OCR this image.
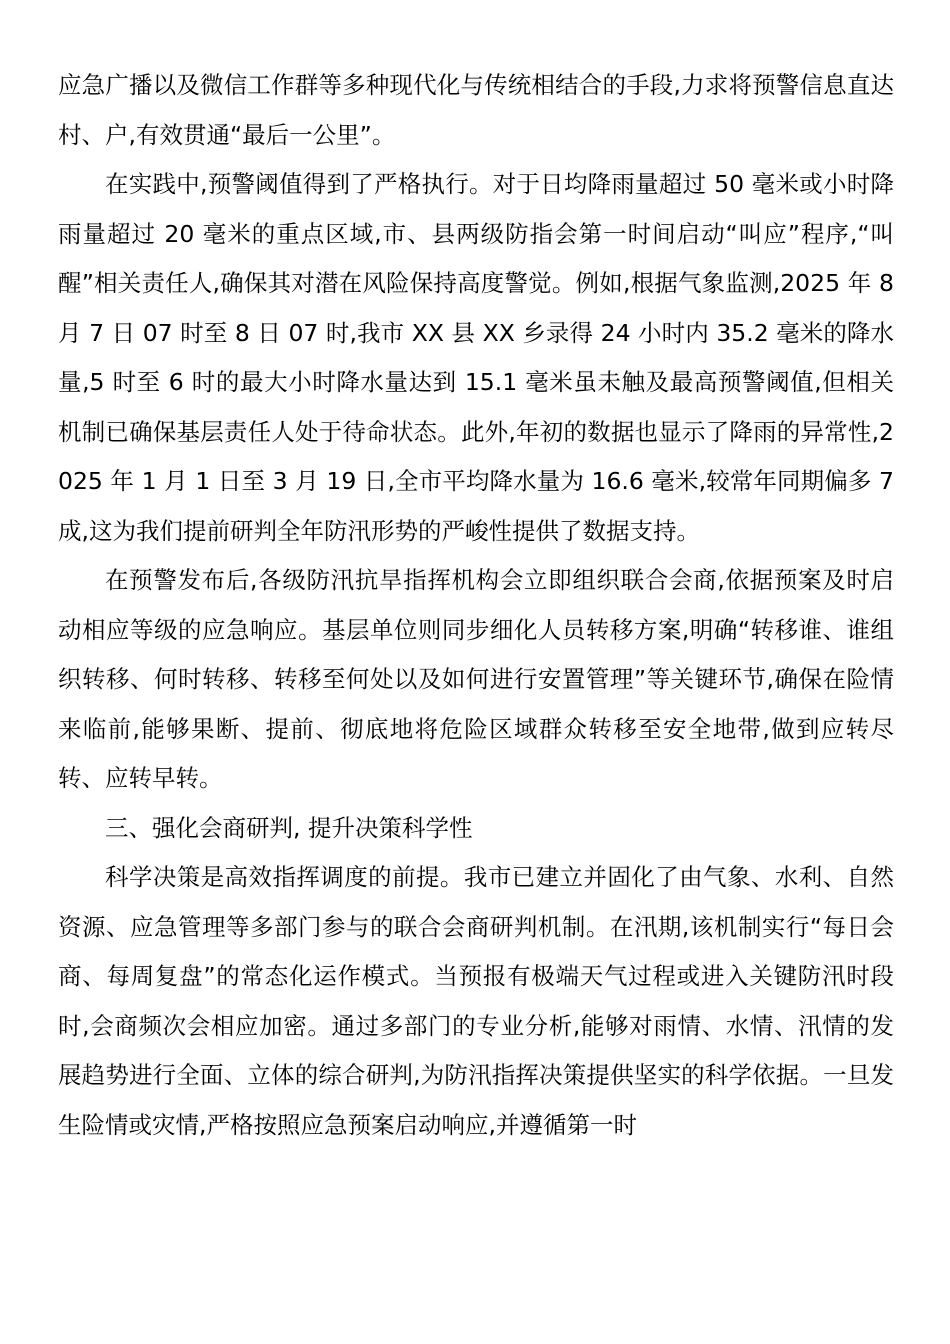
应急广播以及微信工作群等多种现代化与传统相结合的手段,力求将预警信息直达村、户,有效贯通“最后一公里”。

在实践中,预警阈值得到了严格执行。对于日均降雨量超过 50 毫米或小时降雨量超过 20 毫米的重点区域,市、县两级防指会第一时间启动“叫应”程序,“叫醒”相关责任人,确保其对潜在风险保持高度警觉。例如,根据气象监测,2025 年 8 月 7 日 07 时至 8 日 07 时,我市 XX 县 XX 乡录得 24 小时内 35.2 毫米的降水量,5 时至 6 时的最大小时降水量达到 15.1 毫米虽未触及最高预警阈值,但相关机制已确保基层责任人处于待命状态。此外,年初的数据也显示了降雨的异常性,2025 年 1 月 1 日至 3 月 19 日,全市平均降水量为 16.6 毫米,较常年同期偏多 7 成,这为我们提前研判全年防汛形势的严峻性提供了数据支持。

在预警发布后,各级防汛抗旱指挥机构会立即组织联合会商,依据预案及时启动相应等级的应急响应。基层单位则同步细化人员转移方案,明确“转移谁、谁组织转移、何时转移、转移至何处以及如何进行安置管理”等关键环节,确保在险情来临前,能够果断、提前、彻底地将危险区域群众转移至安全地带,做到应转尽转、应转早转。

三、强化会商研判, 提升决策科学性

科学决策是高效指挥调度的前提。我市已建立并固化了由气象、水利、自然资源、应急管理等多部门参与的联合会商研判机制。在汛期,该机制实行“每日会商、每周复盘”的常态化运作模式。当预报有极端天气过程或进入关键防汛时段时,会商频次会相应加密。通过多部门的专业分析,能够对雨情、水情、汛情的发展趋势进行全面、立体的综合研判,为防汛指挥决策提供坚实的科学依据。一旦发生险情或灾情,严格按照应急预案启动响应,并遵循第一时
